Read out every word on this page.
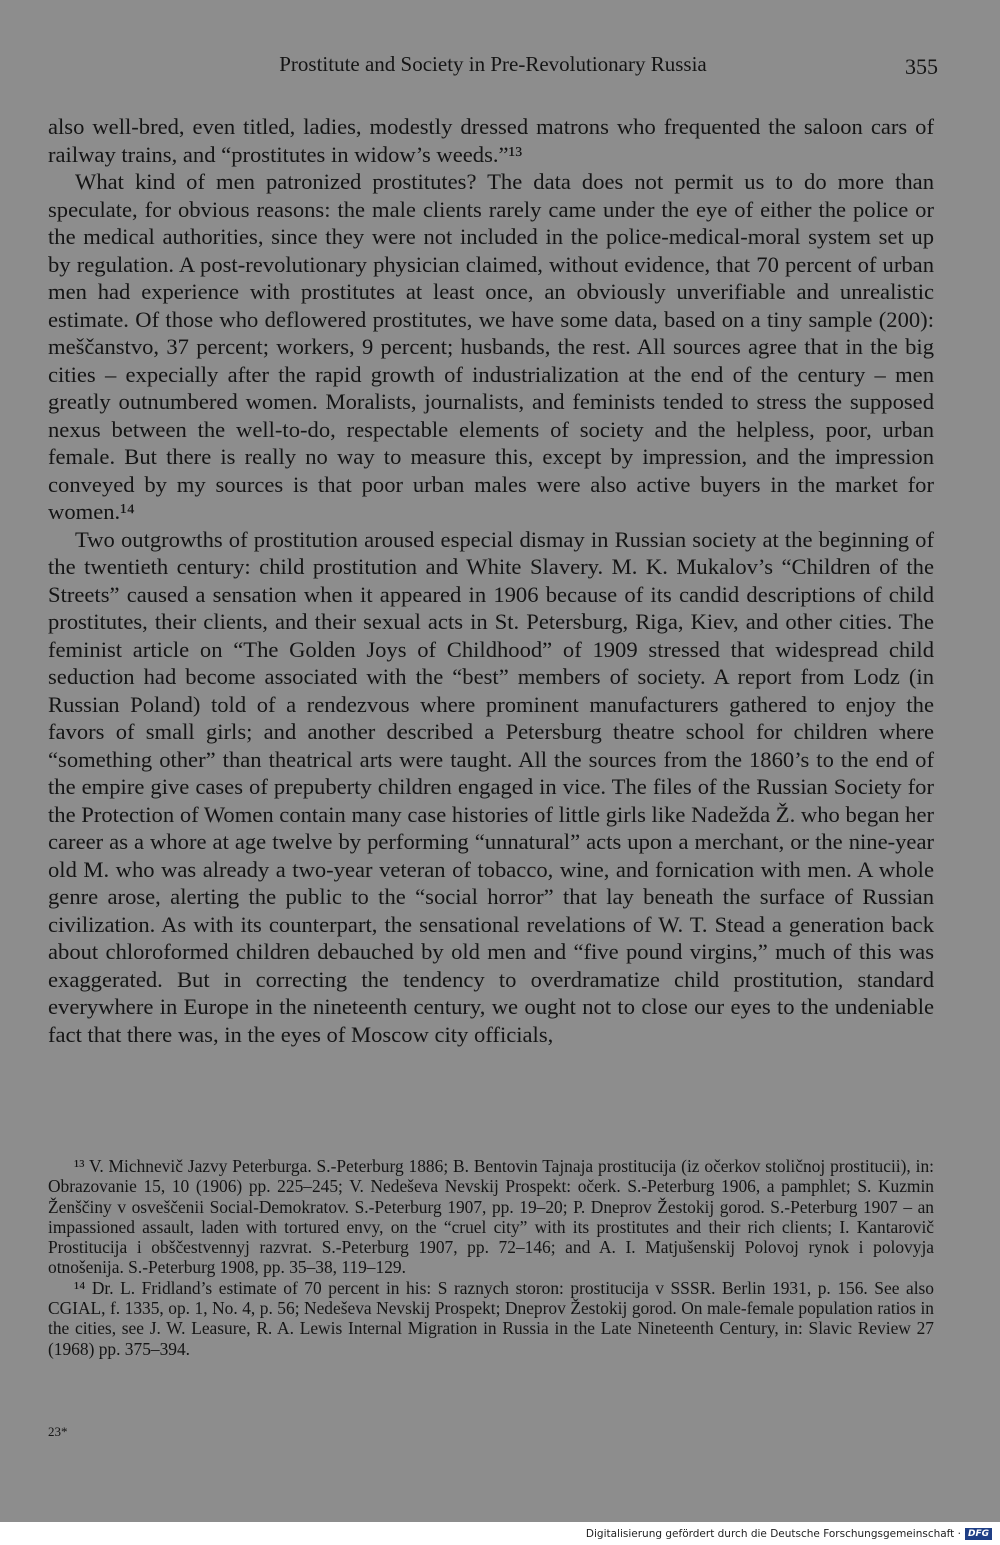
Prostitute and Society in Pre-Revolutionary Russia	355

also well-bred, even titled, ladies, modestly dressed matrons who frequented the saloon cars of railway trains, and “prostitutes in widow’s weeds.”¹³

What kind of men patronized prostitutes? The data does not permit us to do more than speculate, for obvious reasons: the male clients rarely came under the eye of either the police or the medical authorities, since they were not included in the police-medical-moral system set up by regulation. A post-revolutionary physician claimed, without evidence, that 70 percent of urban men had experience with prostitutes at least once, an obviously unverifiable and unrealistic estimate. Of those who deflowered prostitutes, we have some data, based on a tiny sample (200): meščanstvo, 37 percent; workers, 9 percent; husbands, the rest. All sources agree that in the big cities – expecially after the rapid growth of industrialization at the end of the century – men greatly outnumbered women. Moralists, journalists, and feminists tended to stress the supposed nexus between the well-to-do, respectable elements of society and the helpless, poor, urban female. But there is really no way to measure this, except by impression, and the impression conveyed by my sources is that poor urban males were also active buyers in the market for women.¹⁴

Two outgrowths of prostitution aroused especial dismay in Russian society at the beginning of the twentieth century: child prostitution and White Slavery. M. K. Mukalov’s “Children of the Streets” caused a sensation when it appeared in 1906 because of its candid descriptions of child prostitutes, their clients, and their sexual acts in St. Petersburg, Riga, Kiev, and other cities. The feminist article on “The Golden Joys of Childhood” of 1909 stressed that widespread child seduction had become associated with the “best” members of society. A report from Lodz (in Russian Poland) told of a rendezvous where prominent manufacturers gathered to enjoy the favors of small girls; and another described a Petersburg theatre school for children where “something other” than theatrical arts were taught. All the sources from the 1860’s to the end of the empire give cases of prepuberty children engaged in vice. The files of the Russian Society for the Protection of Women contain many case histories of little girls like Nadežda Ž. who began her career as a whore at age twelve by performing “unnatural” acts upon a merchant, or the nine-year old M. who was already a two-year veteran of tobacco, wine, and fornication with men. A whole genre arose, alerting the public to the “social horror” that lay beneath the surface of Russian civilization. As with its counterpart, the sensational revelations of W. T. Stead a generation back about chloroformed children debauched by old men and “five pound virgins,” much of this was exaggerated. But in correcting the tendency to overdramatize child prostitution, standard everywhere in Europe in the nineteenth century, we ought not to close our eyes to the undeniable fact that there was, in the eyes of Moscow city officials,

¹³ V. Michnevič Jazvy Peterburga. S.-Peterburg 1886; B. Bentovin Tajnaja prostitucija (iz očerkov stoličnoj prostitucii), in: Obrazovanie 15, 10 (1906) pp. 225–245; V. Nedeševa Nevskij Prospekt: očerk. S.-Peterburg 1906, a pamphlet; S. Kuzmin Ženščiny v osveščenii Social-Demokratov. S.-Peterburg 1907, pp. 19–20; P. Dneprov Žestokij gorod. S.-Peterburg 1907 – an impassioned assault, laden with tortured envy, on the “cruel city” with its prostitutes and their rich clients; I. Kantarovič Prostitucija i obščestvennyj razvrat. S.-Peterburg 1907, pp. 72–146; and A. I. Matjušenskij Polovoj rynok i polovyja otnošenija. S.-Peterburg 1908, pp. 35–38, 119–129.

¹⁴ Dr. L. Fridland’s estimate of 70 percent in his: S raznych storon: prostitucija v SSSR. Berlin 1931, p. 156. See also CGIAL, f. 1335, op. 1, No. 4, p. 56; Nedeševa Nevskij Prospekt; Dneprov Žestokij gorod. On male-female population ratios in the cities, see J. W. Leasure, R. A. Lewis Internal Migration in Russia in the Late Nineteenth Century, in: Slavic Review 27 (1968) pp. 375–394.

23*
Digitalisierung gefördert durch die Deutsche Forschungsgemeinschaft · DFG
